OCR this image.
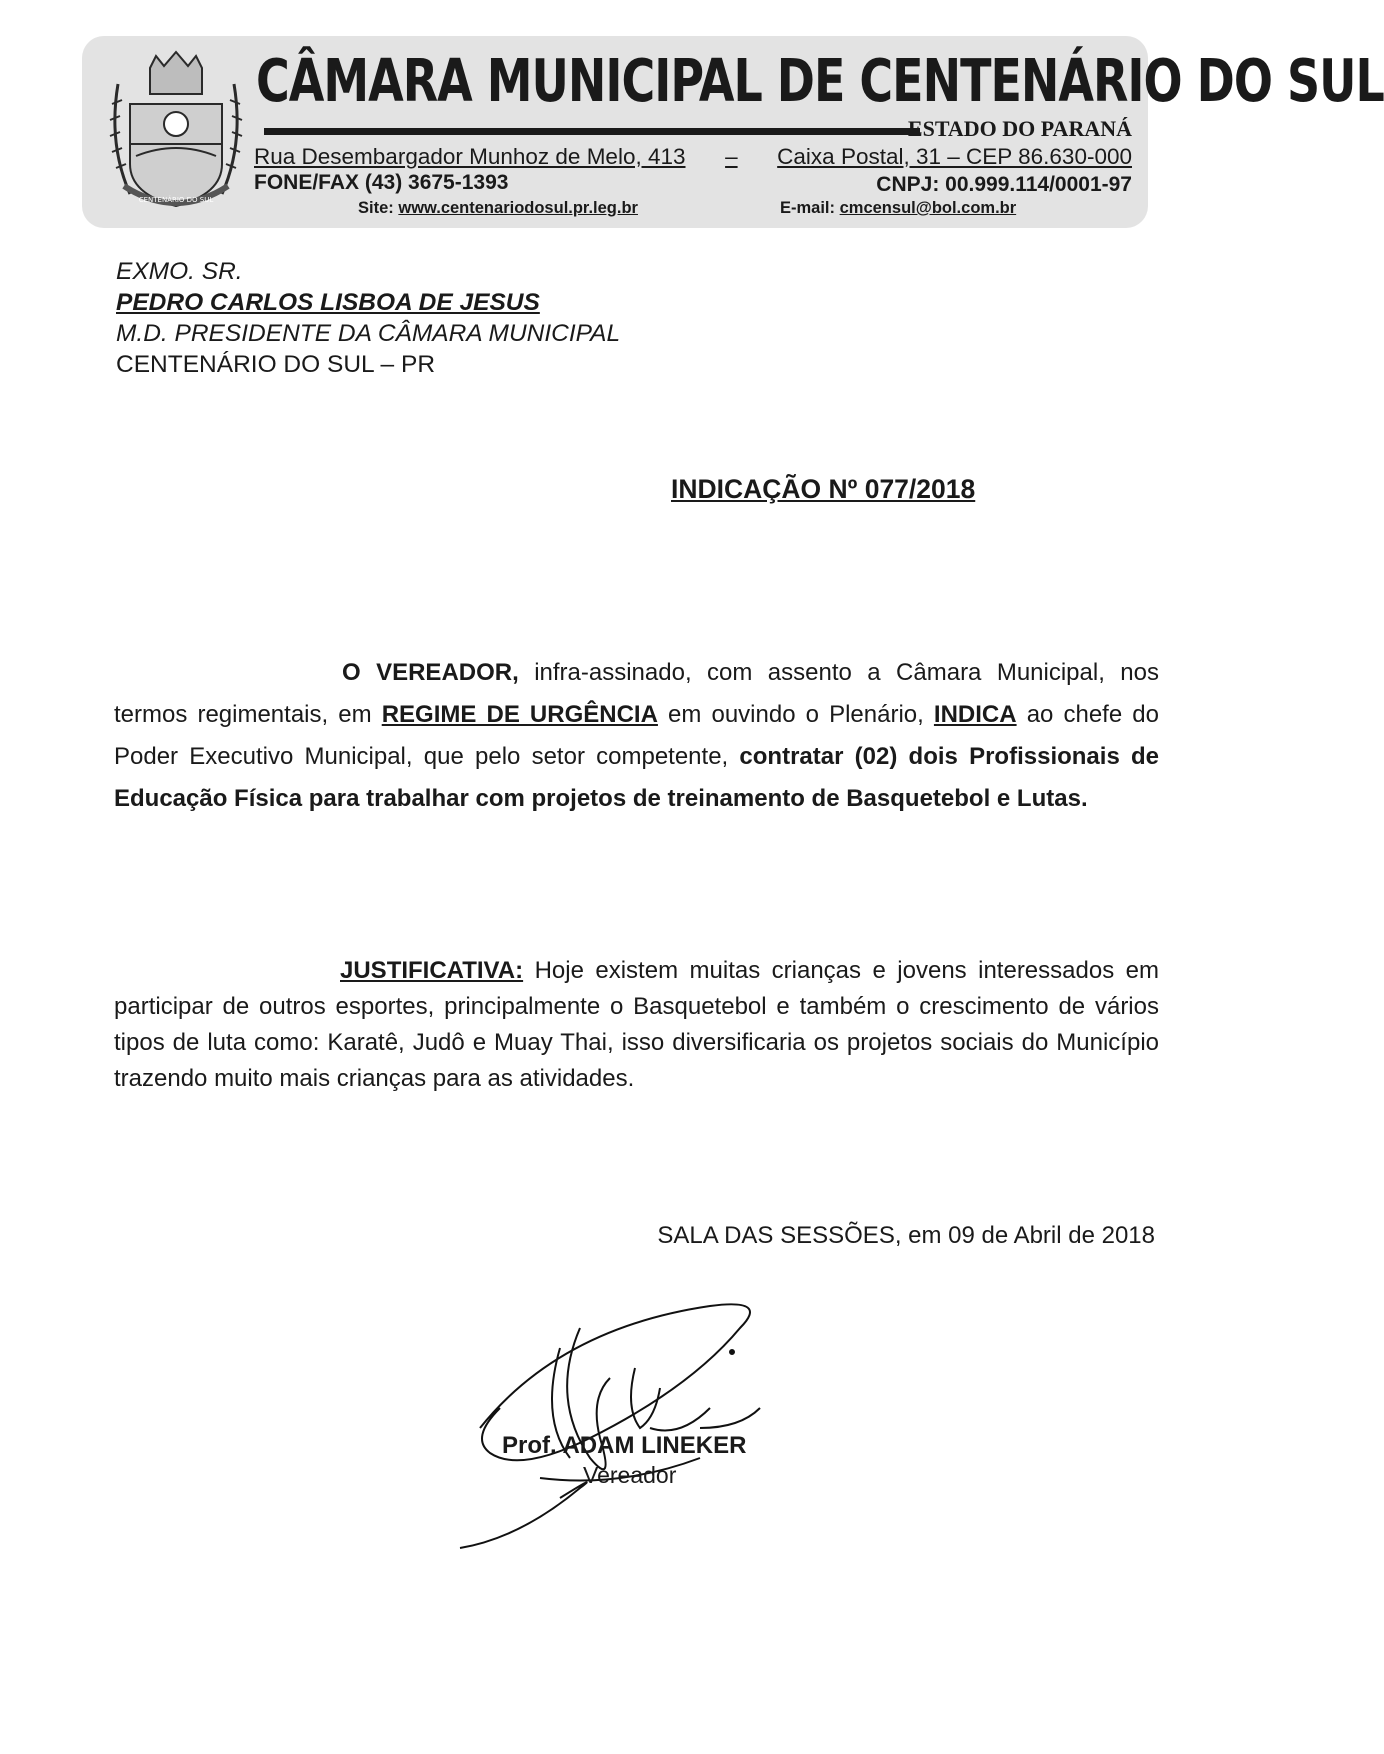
CENTENÁRIO DO SUL
CÂMARA MUNICIPAL DE CENTENÁRIO DO SUL
ESTADO DO PARANÁ
Rua Desembargador Munhoz de Melo, 413 – Caixa Postal, 31 – CEP 86.630-000
FONE/FAX (43) 3675-1393	CNPJ: 00.999.114/0001-97
Site: www.centenariodosul.pr.leg.br	E-mail: cmcensul@bol.com.br
EXMO. SR.
PEDRO CARLOS LISBOA DE JESUS
M.D. PRESIDENTE DA CÂMARA MUNICIPAL
CENTENÁRIO DO SUL – PR
INDICAÇÃO Nº 077/2018
O VEREADOR, infra-assinado, com assento a Câmara Municipal, nos termos regimentais, em REGIME DE URGÊNCIA em ouvindo o Plenário, INDICA ao chefe do Poder Executivo Municipal, que pelo setor competente, contratar (02) dois Profissionais de Educação Física para trabalhar com projetos de treinamento de Basquetebol e Lutas.
JUSTIFICATIVA: Hoje existem muitas crianças e jovens interessados em participar de outros esportes, principalmente o Basquetebol e também o crescimento de vários tipos de luta como: Karatê, Judô e Muay Thai, isso diversificaria os projetos sociais do Município trazendo muito mais crianças para as atividades.
SALA DAS SESSÕES, em 09 de Abril de 2018
Prof. ADAM LINEKER
Vereador
